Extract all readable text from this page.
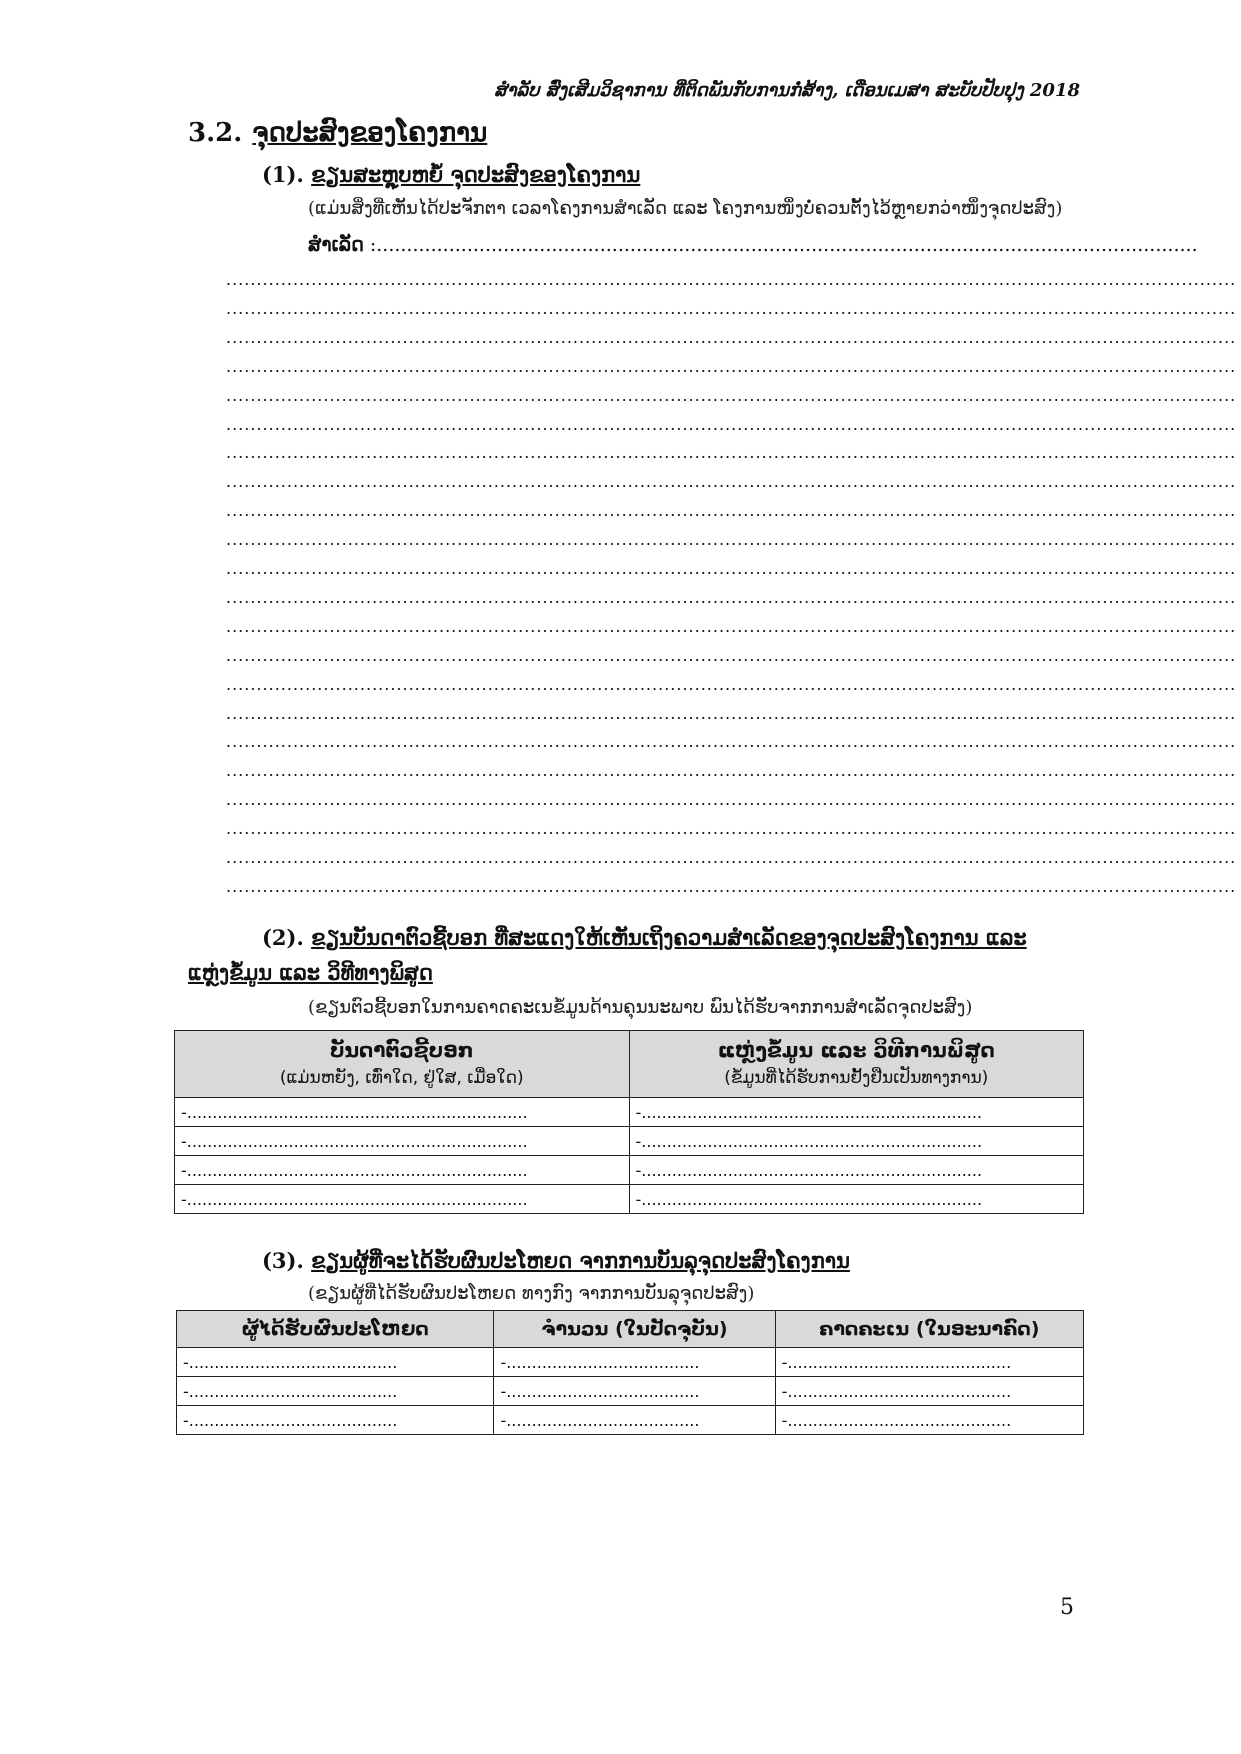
ສຳລັບ ສົ່ງເສີມວິຊາການ ທີ່ຕິດພັນກັບການກໍ່ສ້າງ, ເດືອນເມສາ ສະບັບປັບປຸງ 2018
3.2. ຈຸດປະສົງຂອງໂຄງການ
(1). ຂຽນສະຫຼຸບຫຍໍ້ ຈຸດປະສົງຂອງໂຄງການ
(ແມ່ນສິ່ງທີ່ເຫັນໄດ້ປະຈັກຕາ ເວລາໂຄງການສຳເລັດ ແລະ ໂຄງການໜຶ່ງບໍ່ຄວນຕັ້ງໄວ້ຫຼາຍກວ່າໜຶ່ງຈຸດປະສົງ)
ສຳເລັດ :........................................................................................................................................
......................................................................................................................................................................
......................................................................................................................................................................
......................................................................................................................................................................
......................................................................................................................................................................
......................................................................................................................................................................
......................................................................................................................................................................
......................................................................................................................................................................
......................................................................................................................................................................
......................................................................................................................................................................
......................................................................................................................................................................
......................................................................................................................................................................
......................................................................................................................................................................
......................................................................................................................................................................
......................................................................................................................................................................
......................................................................................................................................................................
......................................................................................................................................................................
......................................................................................................................................................................
......................................................................................................................................................................
......................................................................................................................................................................
......................................................................................................................................................................
......................................................................................................................................................................
......................................................................................................................................................................
(2). ຂຽນບັນດາຕົວຊີ້ບອກ ທີ່ສະແດງໃຫ້ເຫັນເຖິງຄວາມສຳເລັດຂອງຈຸດປະສົງໂຄງການ ແລະ
ແຫຼ່ງຂໍ້ມູນ ແລະ ວິທີທາງພິສູດ
(ຂຽນຕົວຊີ້ບອກໃນການຄາດຄະເນຂໍ້ມູນດ້ານຄຸນນະພາບ ພົນໄດ້ຮັບຈາກການສຳເລັດຈຸດປະສົງ)
ບັນດາຕົວຊີ້ບອກ
(ແມ່ນຫຍັງ, ເທົ່າໃດ, ຢູ່ໃສ, ເມື່ອໃດ)	ແຫຼ່ງຂໍ້ມູນ ແລະ ວິທີການພິສູດ
(ຂໍ້ມູນທີ່ໄດ້ຮັບການຢັ້ງຢືນເປັນທາງການ)

-...................................................................	-...................................................................
-...................................................................	-...................................................................
-...................................................................	-...................................................................
-...................................................................	-...................................................................
(3). ຂຽນຜູ້ທີ່ຈະໄດ້ຮັບຜົນປະໂຫຍດ ຈາກການບັນລຸຈຸດປະສົງໂຄງການ
(ຂຽນຜູ້ທີ່ໄດ້ຮັບຜົນປະໂຫຍດ ທາງກົງ ຈາກການບັນລຸຈຸດປະສົງ)
ຜູ້ໄດ້ຮັບຜົນປະໂຫຍດ	ຈຳນວນ (ໃນປັດຈຸບັນ)	ຄາດຄະເນ (ໃນອະນາຄົດ)
-.........................................	-......................................	-............................................
-.........................................	-......................................	-............................................
-.........................................	-......................................	-............................................
5
